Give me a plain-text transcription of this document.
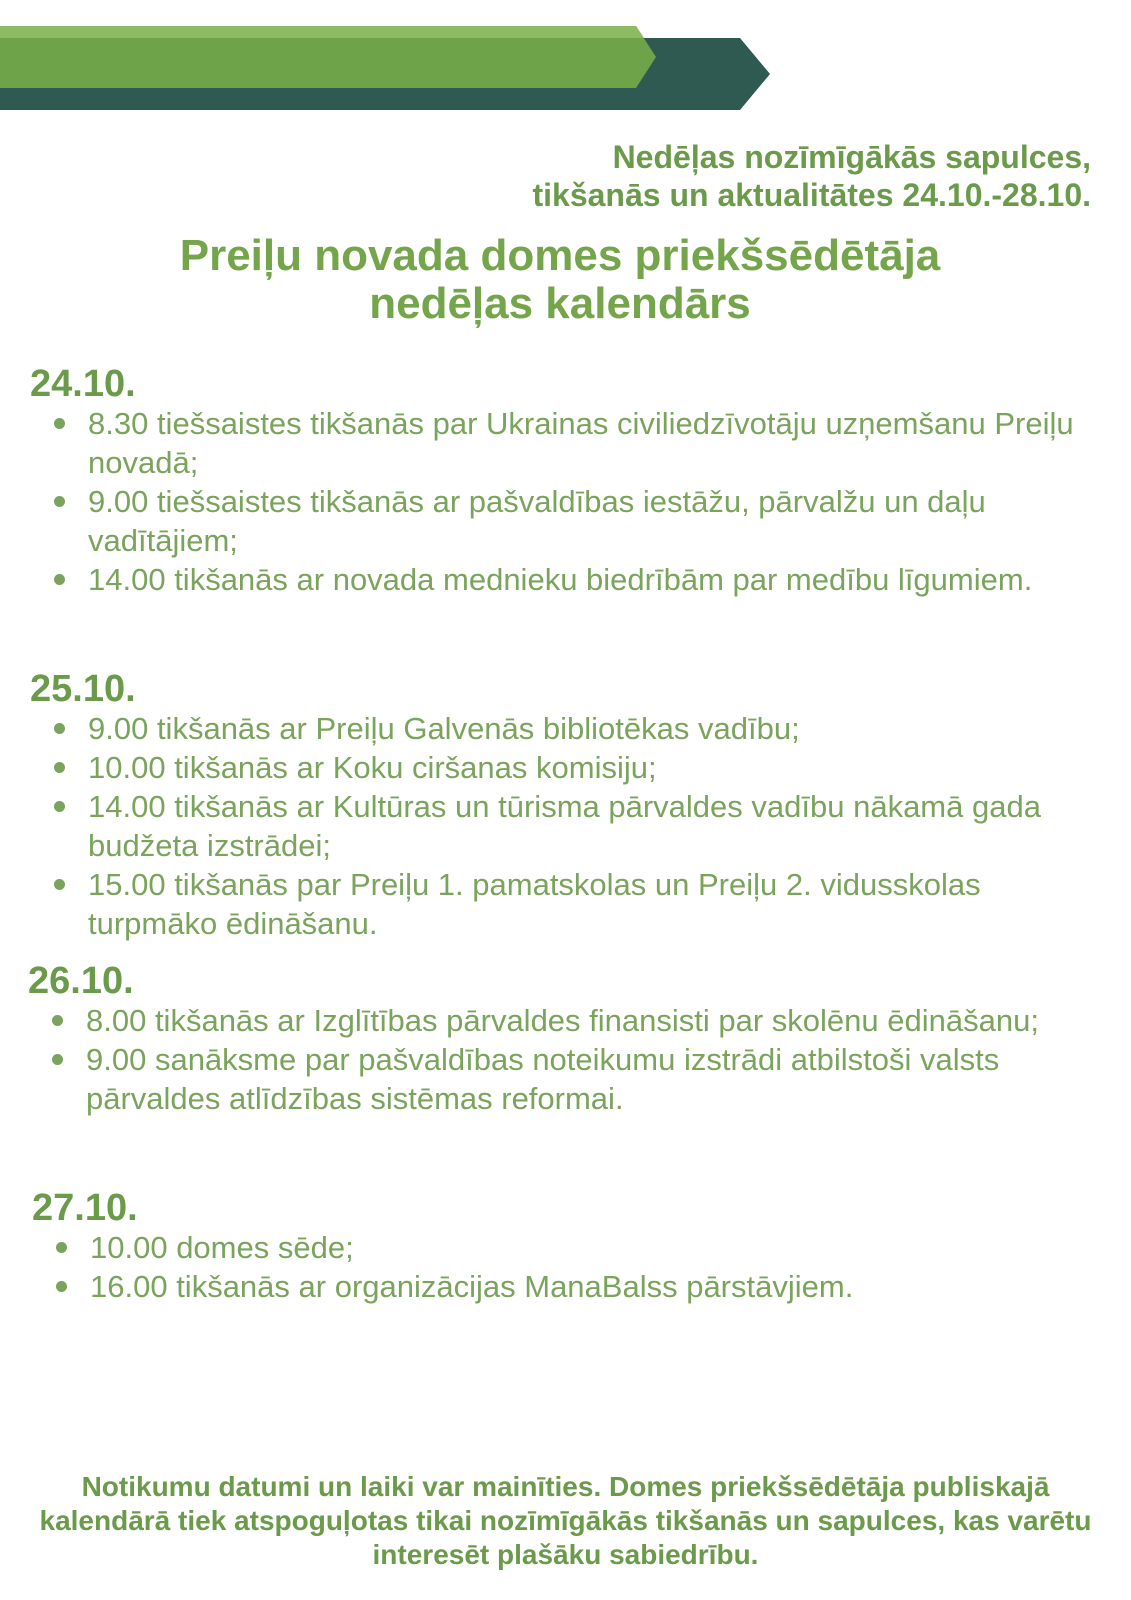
Nedēļas nozīmīgākās sapulces,
tikšanās un aktualitātes 24.10.-28.10.
Preiļu novada domes priekšsēdētāja
nedēļas kalendārs
24.10.
8.30 tiešsaistes tikšanās par Ukrainas civiliedzīvotāju uzņemšanu Preiļu novadā;
9.00 tiešsaistes tikšanās ar pašvaldības iestāžu, pārvalžu un daļu vadītājiem;
14.00 tikšanās ar novada mednieku biedrībām par medību līgumiem.
25.10.
9.00 tikšanās ar Preiļu Galvenās bibliotēkas vadību;
10.00 tikšanās ar Koku ciršanas komisiju;
14.00 tikšanās ar Kultūras un tūrisma pārvaldes vadību nākamā gada budžeta izstrādei;
15.00 tikšanās par Preiļu 1. pamatskolas un Preiļu 2. vidusskolas turpmāko ēdināšanu.
26.10.
8.00 tikšanās ar Izglītības pārvaldes finansisti par skolēnu ēdināšanu;
9.00 sanāksme par pašvaldības noteikumu izstrādi atbilstoši valsts pārvaldes atlīdzības sistēmas reformai.
27.10.
10.00 domes sēde;
16.00 tikšanās ar organizācijas ManaBalss pārstāvjiem.
Notikumu datumi un laiki var mainīties. Domes priekšsēdētāja publiskajā kalendārā tiek atspoguļotas tikai nozīmīgākās tikšanās un sapulces, kas varētu interesēt plašāku sabiedrību.
